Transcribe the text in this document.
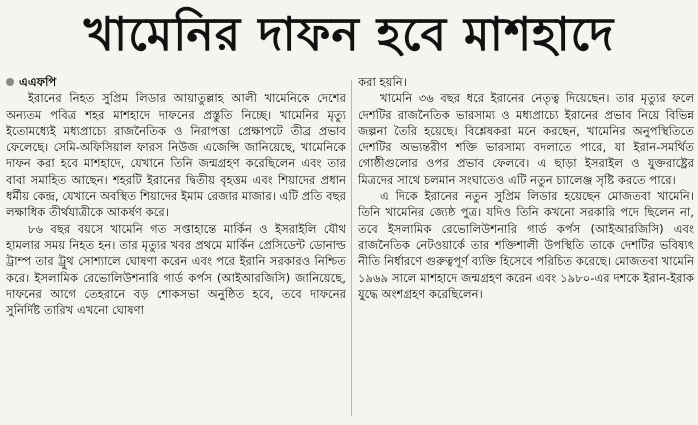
খামেনির দাফন হবে মাশহাদে
এএফপি

ইরানের নিহত সুপ্রিম লিডার আয়াতুল্লাহ আলী খামেনিকে দেশের অন্যতম পবিত্র শহর মাশহাদে দাফনের প্রস্তুতি নিচ্ছে। খামেনির মৃত্যু ইতোমধ্যেই মধ্যপ্রাচ্যে রাজনৈতিক ও নিরাপত্তা প্রেক্ষাপটে তীব্র প্রভাব ফেলেছে। সেমি-অফিসিয়াল ফারস নিউজ এজেন্সি জানিয়েছে, খামেনিকে দাফন করা হবে মাশহাদে, যেখানে তিনি জন্মগ্রহণ করেছিলেন এবং তার বাবা সমাহিত আছেন। শহরটি ইরানের দ্বিতীয় বৃহত্তম এবং শিয়াদের প্রধান ধর্মীয় কেন্দ্র, যেখানে অবস্থিত শিয়াদের ইমাম রেজার মাজার। এটি প্রতি বছর লক্ষাধিক তীর্থযাত্রীকে আকর্ষণ করে।

৮৬ বছর বয়সে খামেনি গত সপ্তাহান্তে মার্কিন ও ইসরাইলি যৌথ হামলার সময় নিহত হন। তার মৃত্যুর খবর প্রথমে মার্কিন প্রেসিডেন্ট ডোনাল্ড ট্রাম্প তার ট্রুথ সোশ্যালে ঘোষণা করেন এবং পরে ইরানি সরকারও নিশ্চিত করে। ইসলামিক রেভোলিউশনারি গার্ড কর্পস (আইআরজিসি) জানিয়েছে, দাফনের আগে তেহরানে বড় শোকসভা অনুষ্ঠিত হবে, তবে দাফনের সুনির্দিষ্ট তারিখ এখনো ঘোষণা

করা হয়নি।

খামেনি ৩৬ বছর ধরে ইরানের নেতৃত্ব দিয়েছেন। তার মৃত্যুর ফলে দেশটির রাজনৈতিক ভারসাম্য ও মধ্যপ্রাচ্যে ইরানের প্রভাব নিয়ে বিভিন্ন জল্পনা তৈরি হয়েছে। বিশ্লেষকরা মনে করছেন, খামেনির অনুপস্থিতিতে দেশটির অভ্যন্তরীণ শক্তি ভারসাম্য বদলাতে পারে, যা ইরান-সমর্থিত গোষ্ঠীগুলোর ওপর প্রভাব ফেলবে। এ ছাড়া ইসরাইল ও যুক্তরাষ্ট্রের মিত্রদের সাথে চলমান সংঘাতেও এটি নতুন চ্যালেঞ্জ সৃষ্টি করতে পারে।

এ দিকে ইরানের নতুন সুপ্রিম লিডার হয়েছেন মোজতবা খামেনি। তিনি খামেনির জ্যেষ্ঠ পুত্র। যদিও তিনি কখনো সরকারি পদে ছিলেন না, তবে ইসলামিক রেভোলিউশনারি গার্ড কর্পস (আইআরজিসি) এবং রাজনৈতিক নেটওয়ার্কে তার শক্তিশালী উপস্থিতি তাকে দেশটির ভবিষ্যৎ নীতি নির্ধারণে গুরুত্বপূর্ণ ব্যক্তি হিসেবে পরিচিত করেছে। মোজতবা খামেনি ১৯৬৯ সালে মাশহাদে জন্মগ্রহণ করেন এবং ১৯৮০-এর দশকে ইরান-ইরাক যুদ্ধে অংশগ্রহণ করেছিলেন।
